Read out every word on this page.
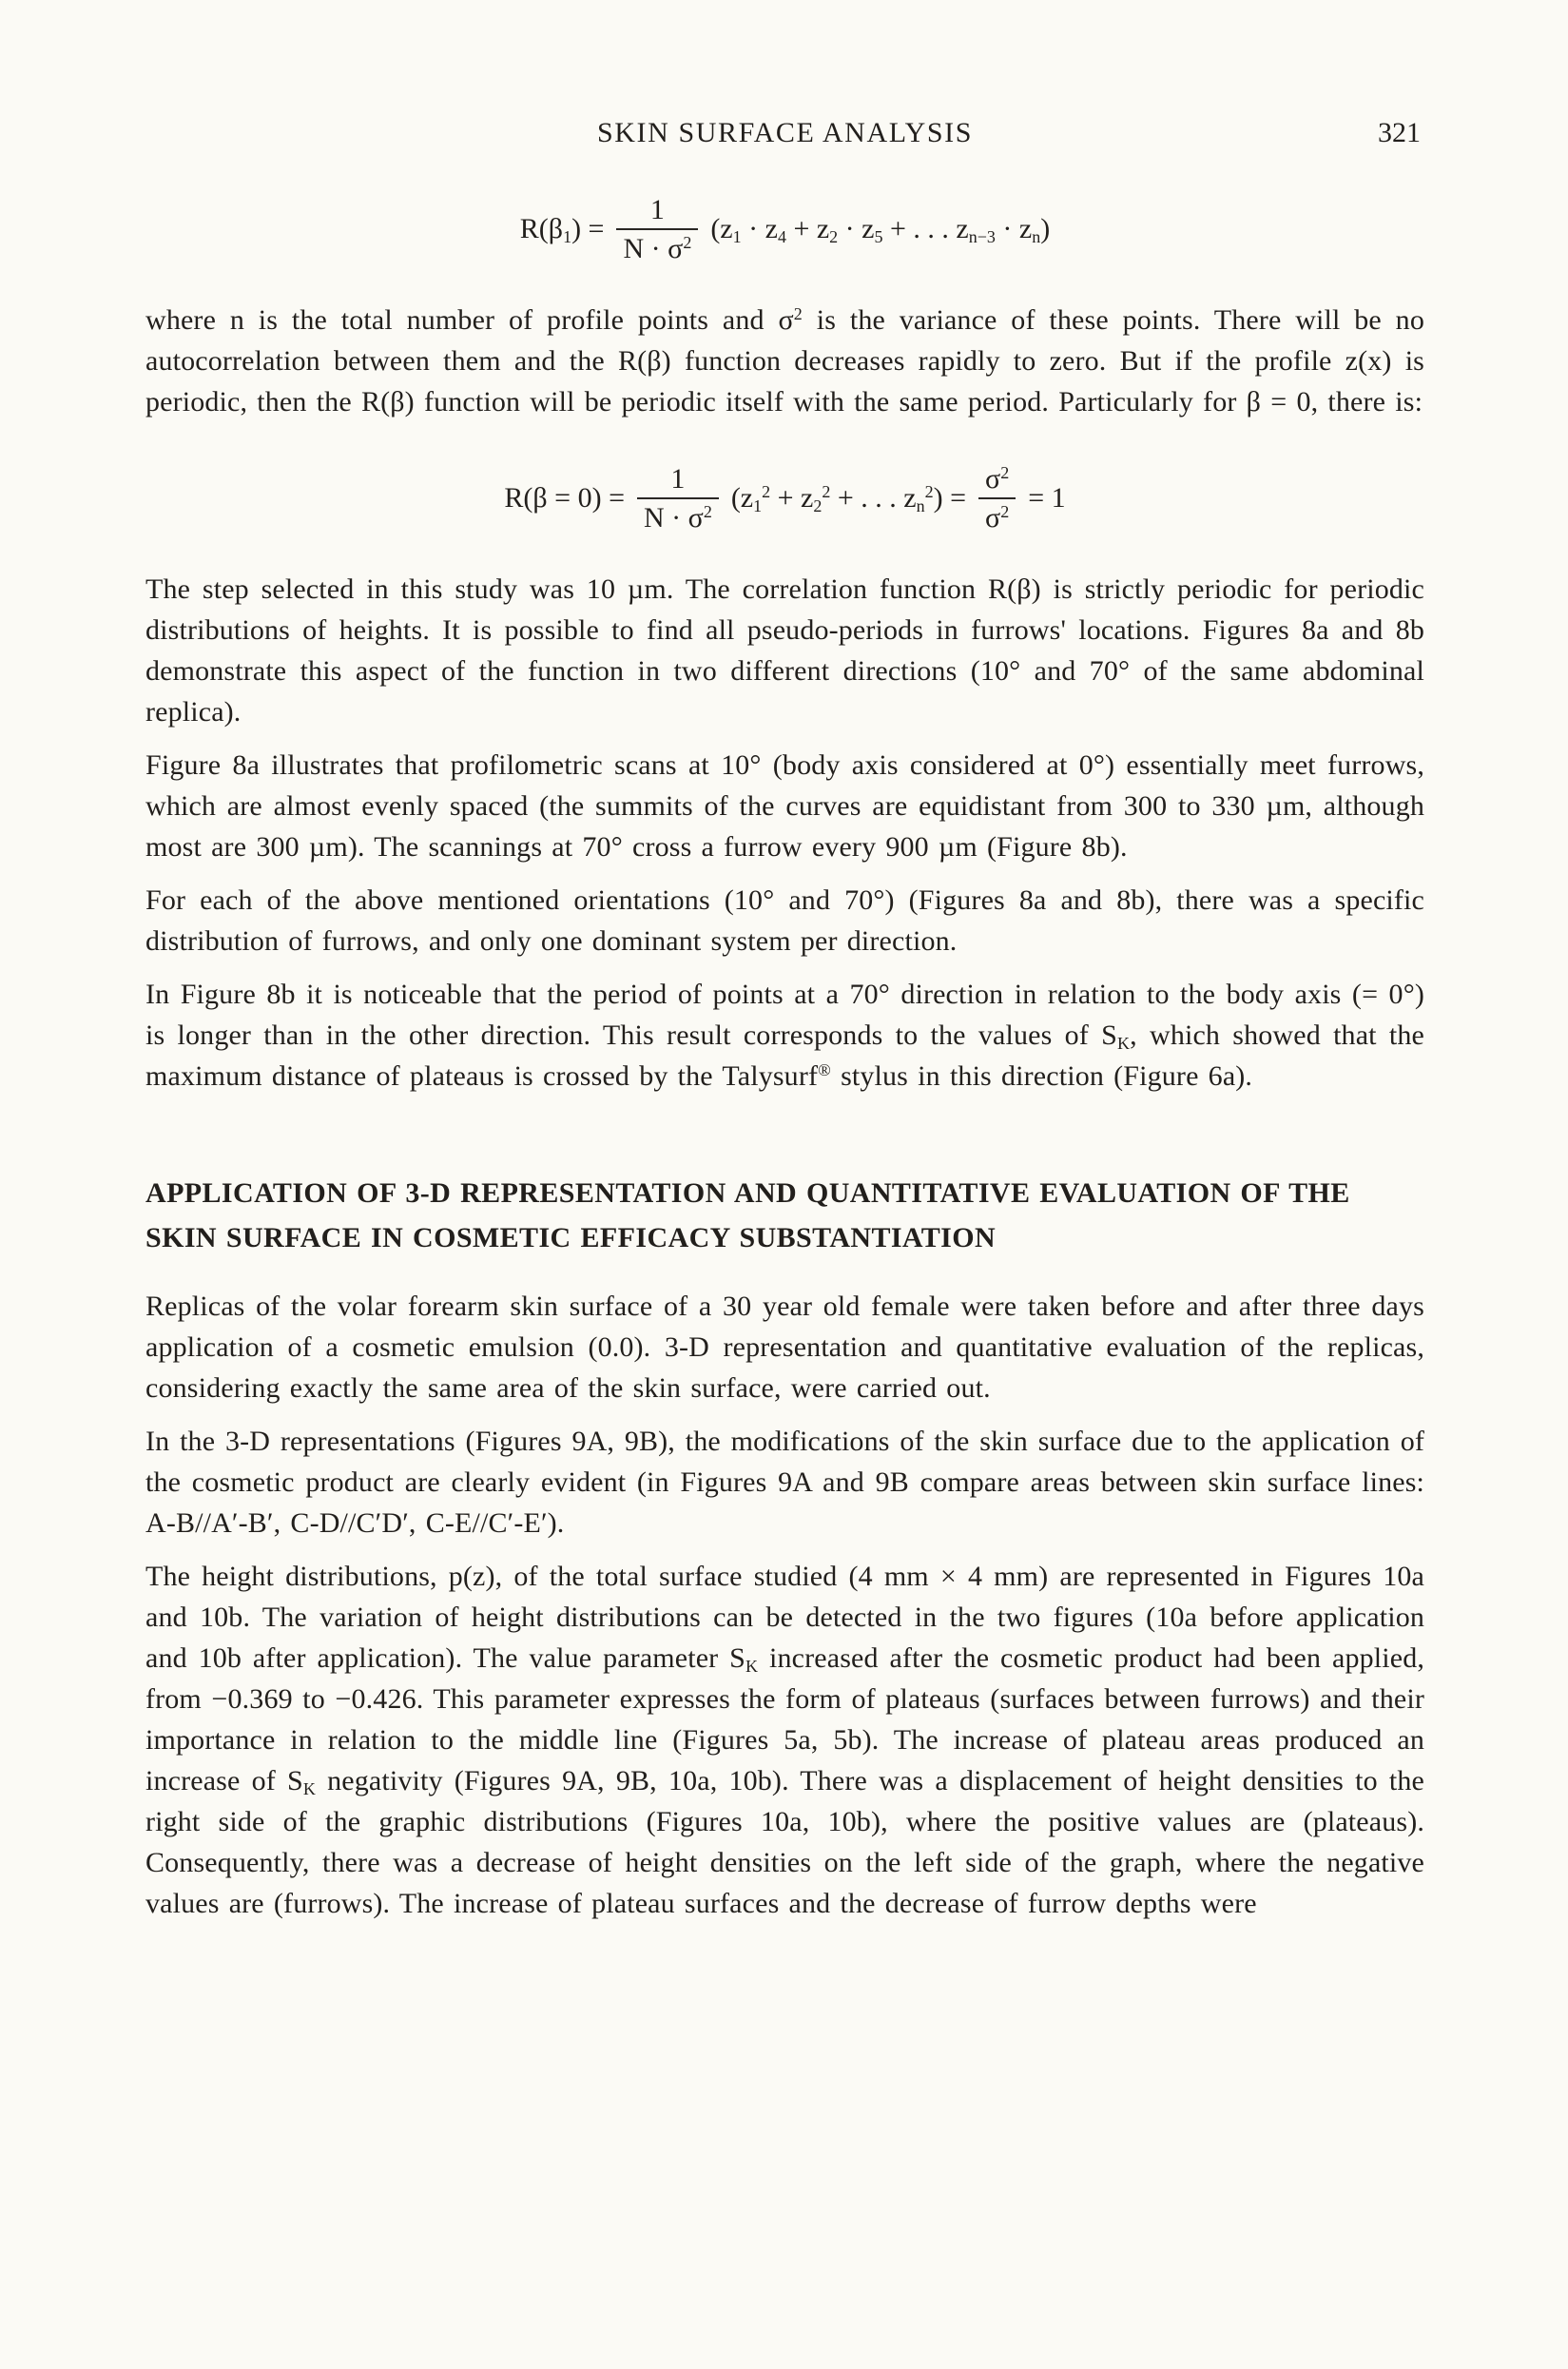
SKIN SURFACE ANALYSIS	321
$R(\beta_1) = \frac{1}{N \cdot \sigma^2} (z_1 \cdot z_4 + z_2 \cdot z_5$ + . . . $z_{n-3} \cdot z_n$)

where n is the total number of profile points and $\sigma^2$ is the variance of these points. There will be no autocorrelation between them and the R(β) function decreases rapidly to zero. But if the profile z(x) is periodic, then the R(β) function will be periodic itself with the same period. Particularly for β = 0, there is:

$R(\beta = 0) = \frac{1}{N \cdot \sigma^2} (z_1^2 + z_2^2$ + . . . $z_n^2) = \frac{\sigma^2}{\sigma^2} = 1$

The step selected in this study was 10 µm. The correlation function R(β) is strictly periodic for periodic distributions of heights. It is possible to find all pseudo-periods in furrows' locations. Figures 8a and 8b demonstrate this aspect of the function in two different directions (10° and 70° of the same abdominal replica).

Figure 8a illustrates that profilometric scans at 10° (body axis considered at 0°) essentially meet furrows, which are almost evenly spaced (the summits of the curves are equidistant from 300 to 330 µm, although most are 300 µm). The scannings at 70° cross a furrow every 900 µm (Figure 8b).

For each of the above mentioned orientations (10° and 70°) (Figures 8a and 8b), there was a specific distribution of furrows, and only one dominant system per direction.

In Figure 8b it is noticeable that the period of points at a 70° direction in relation to the body axis (= 0°) is longer than in the other direction. This result corresponds to the values of $S_K$, which showed that the maximum distance of plateaus is crossed by the Talysurf® stylus in this direction (Figure 6a).

APPLICATION OF 3-D REPRESENTATION AND QUANTITATIVE EVALUATION OF THE SKIN SURFACE IN COSMETIC EFFICACY SUBSTANTIATION

Replicas of the volar forearm skin surface of a 30 year old female were taken before and after three days application of a cosmetic emulsion (0.0). 3-D representation and quantitative evaluation of the replicas, considering exactly the same area of the skin surface, were carried out.

In the 3-D representations (Figures 9A, 9B), the modifications of the skin surface due to the application of the cosmetic product are clearly evident (in Figures 9A and 9B compare areas between skin surface lines: A-B//A′-B′, C-D//C′D′, C-E//C′-E′).

The height distributions, p(z), of the total surface studied (4 mm × 4 mm) are represented in Figures 10a and 10b. The variation of height distributions can be detected in the two figures (10a before application and 10b after application). The value parameter $S_K$ increased after the cosmetic product had been applied, from −0.369 to −0.426. This parameter expresses the form of plateaus (surfaces between furrows) and their importance in relation to the middle line (Figures 5a, 5b). The increase of plateau areas produced an increase of $S_K$ negativity (Figures 9A, 9B, 10a, 10b). There was a displacement of height densities to the right side of the graphic distributions (Figures 10a, 10b), where the positive values are (plateaus). Consequently, there was a decrease of height densities on the left side of the graph, where the negative values are (furrows). The increase of plateau surfaces and the decrease of furrow depths were
